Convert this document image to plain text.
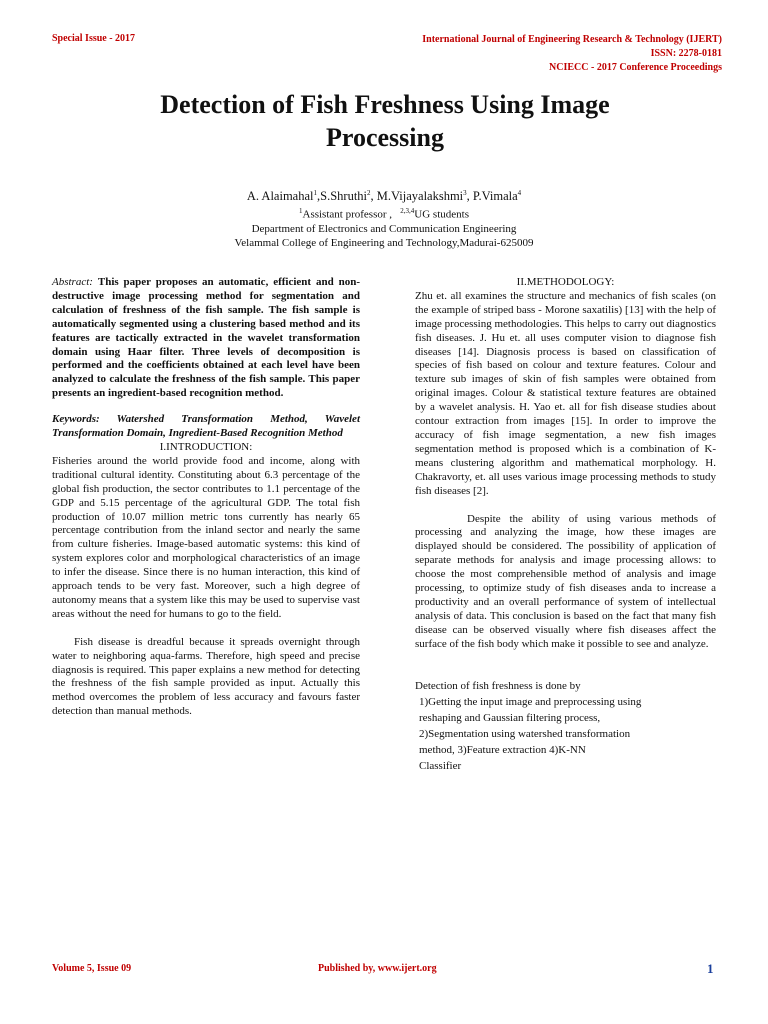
Special Issue - 2017	International Journal of Engineering Research & Technology (IJERT)
ISSN: 2278-0181
NCIECC - 2017 Conference Proceedings
Detection of Fish Freshness Using Image
Processing
A. Alaimahal$^1$,S.Shruthi$^2$, M.Vijayalakshmi$^3$, P.Vimala$^4$
$^1$Assistant professor , $^{2,3,4}$UG students
Department of Electronics and Communication Engineering
Velammal College of Engineering and Technology,Madurai-625009

Abstract: This paper proposes an automatic, efficient and non-destructive image processing method for segmentation and calculation of freshness of the fish sample. The fish sample is automatically segmented using a clustering based method and its features are tactically extracted in the wavelet transformation domain using Haar filter. Three levels of decomposition is performed and the coefficients obtained at each level have been analyzed to calculate the freshness of the fish sample. This paper presents an ingredient-based recognition method.

Keywords: Watershed Transformation Method, Wavelet Transformation Domain, Ingredient-Based Recognition Method

I.INTRODUCTION:

Fisheries around the world provide food and income, along with traditional cultural identity. Constituting about 6.3 percentage of the global fish production, the sector contributes to 1.1 percentage of the GDP and 5.15 percentage of the agricultural GDP. The total fish production of 10.07 million metric tons currently has nearly 65 percentage contribution from the inland sector and nearly the same from culture fisheries. Image-based automatic systems: this kind of system explores color and morphological characteristics of an image to infer the disease. Since there is no human interaction, this kind of approach tends to be very fast. Moreover, such a high degree of autonomy means that a system like this may be used to supervise vast areas without the need for humans to go to the field.

Fish disease is dreadful because it spreads overnight through water to neighboring aqua-farms. Therefore, high speed and precise diagnosis is required. This paper explains a new method for detecting the freshness of the fish sample provided as input. Actually this method overcomes the problem of less accuracy and favours faster detection than manual methods.

II.METHODOLOGY:

Zhu et. all examines the structure and mechanics of fish scales (on the example of striped bass - Morone saxatilis) [13] with the help of image processing methodologies. This helps to carry out diagnostics fish diseases. J. Hu et. all uses computer vision to diagnose fish diseases [14]. Diagnosis process is based on classification of species of fish based on colour and texture features. Colour and texture sub images of skin of fish samples were obtained from original images. Colour & statistical texture features are obtained by a wavelet analysis. H. Yao et. all for fish disease studies about contour extraction from images [15]. In order to improve the accuracy of fish image segmentation, a new fish images segmentation method is proposed which is a combination of K-means clustering algorithm and mathematical morphology. H. Chakravorty, et. all uses various image processing methods to study fish diseases [2].

Despite the ability of using various methods of processing and analyzing the image, how these images are displayed should be considered. The possibility of application of separate methods for analysis and image processing allows: to choose the most comprehensible method of analysis and image processing, to optimize study of fish diseases anda to increase a productivity and an overall performance of system of intellectual analysis of data. This conclusion is based on the fact that many fish disease can be observed visually where fish diseases affect the surface of the fish body which make it possible to see and analyze.

Detection of fish freshness is done by
1)Getting the input image and preprocessing using
reshaping and Gaussian filtering process,
2)Segmentation using watershed transformation
method, 3)Feature extraction 4)K-NN
Classifier
Volume 5, Issue 09	Published by, www.ijert.org	1
